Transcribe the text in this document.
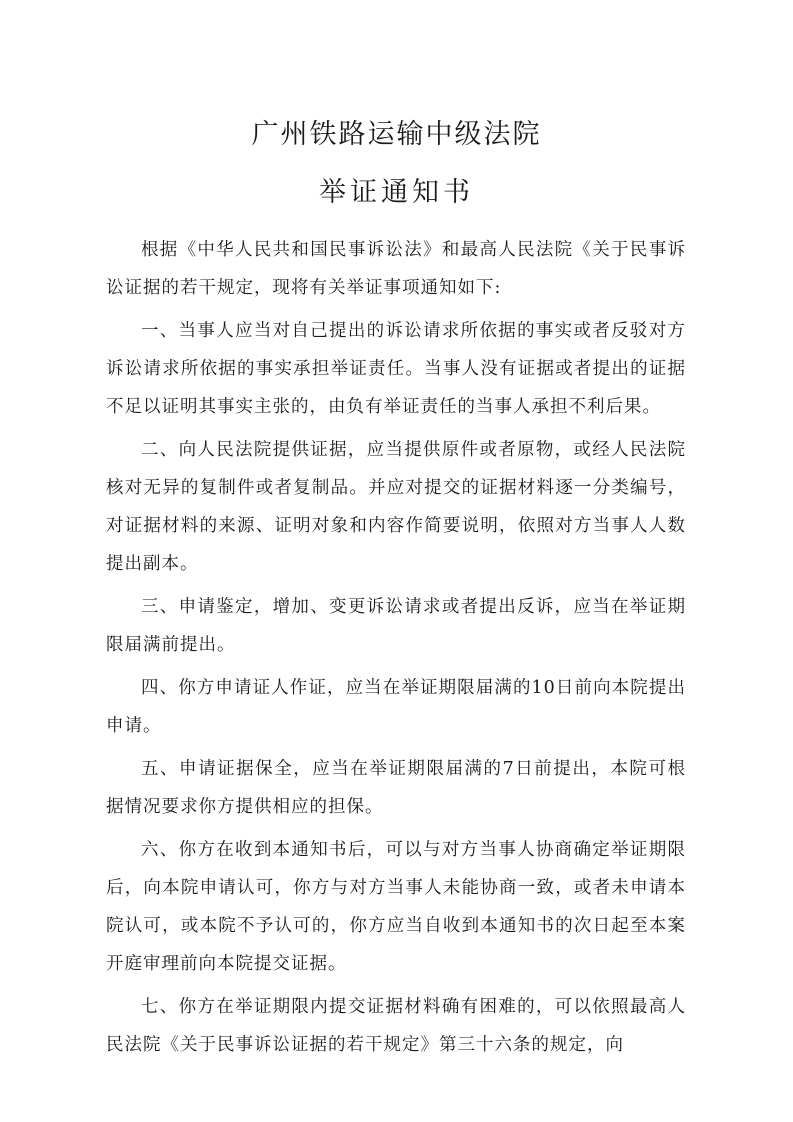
广州铁路运输中级法院
举证通知书

根据《中华人民共和国民事诉讼法》和最高人民法院《关于民事诉讼证据的若干规定，现将有关举证事项通知如下:

一、当事人应当对自己提出的诉讼请求所依据的事实或者反驳对方诉讼请求所依据的事实承担举证责任。当事人没有证据或者提出的证据不足以证明其事实主张的，由负有举证责任的当事人承担不利后果。

二、向人民法院提供证据，应当提供原件或者原物，或经人民法院核对无异的复制件或者复制品。并应对提交的证据材料逐一分类编号，对证据材料的来源、证明对象和内容作简要说明，依照对方当事人人数提出副本。

三、申请鉴定，增加、变更诉讼请求或者提出反诉，应当在举证期限届满前提出。

四、你方申请证人作证，应当在举证期限届满的10日前向本院提出申请。

五、申请证据保全，应当在举证期限届满的7日前提出，本院可根据情况要求你方提供相应的担保。

六、你方在收到本通知书后，可以与对方当事人协商确定举证期限后，向本院申请认可，你方与对方当事人未能协商一致，或者未申请本院认可，或本院不予认可的，你方应当自收到本通知书的次日起至本案开庭审理前向本院提交证据。

七、你方在举证期限内提交证据材料确有困难的，可以依照最高人民法院《关于民事诉讼证据的若干规定》第三十六条的规定，向
